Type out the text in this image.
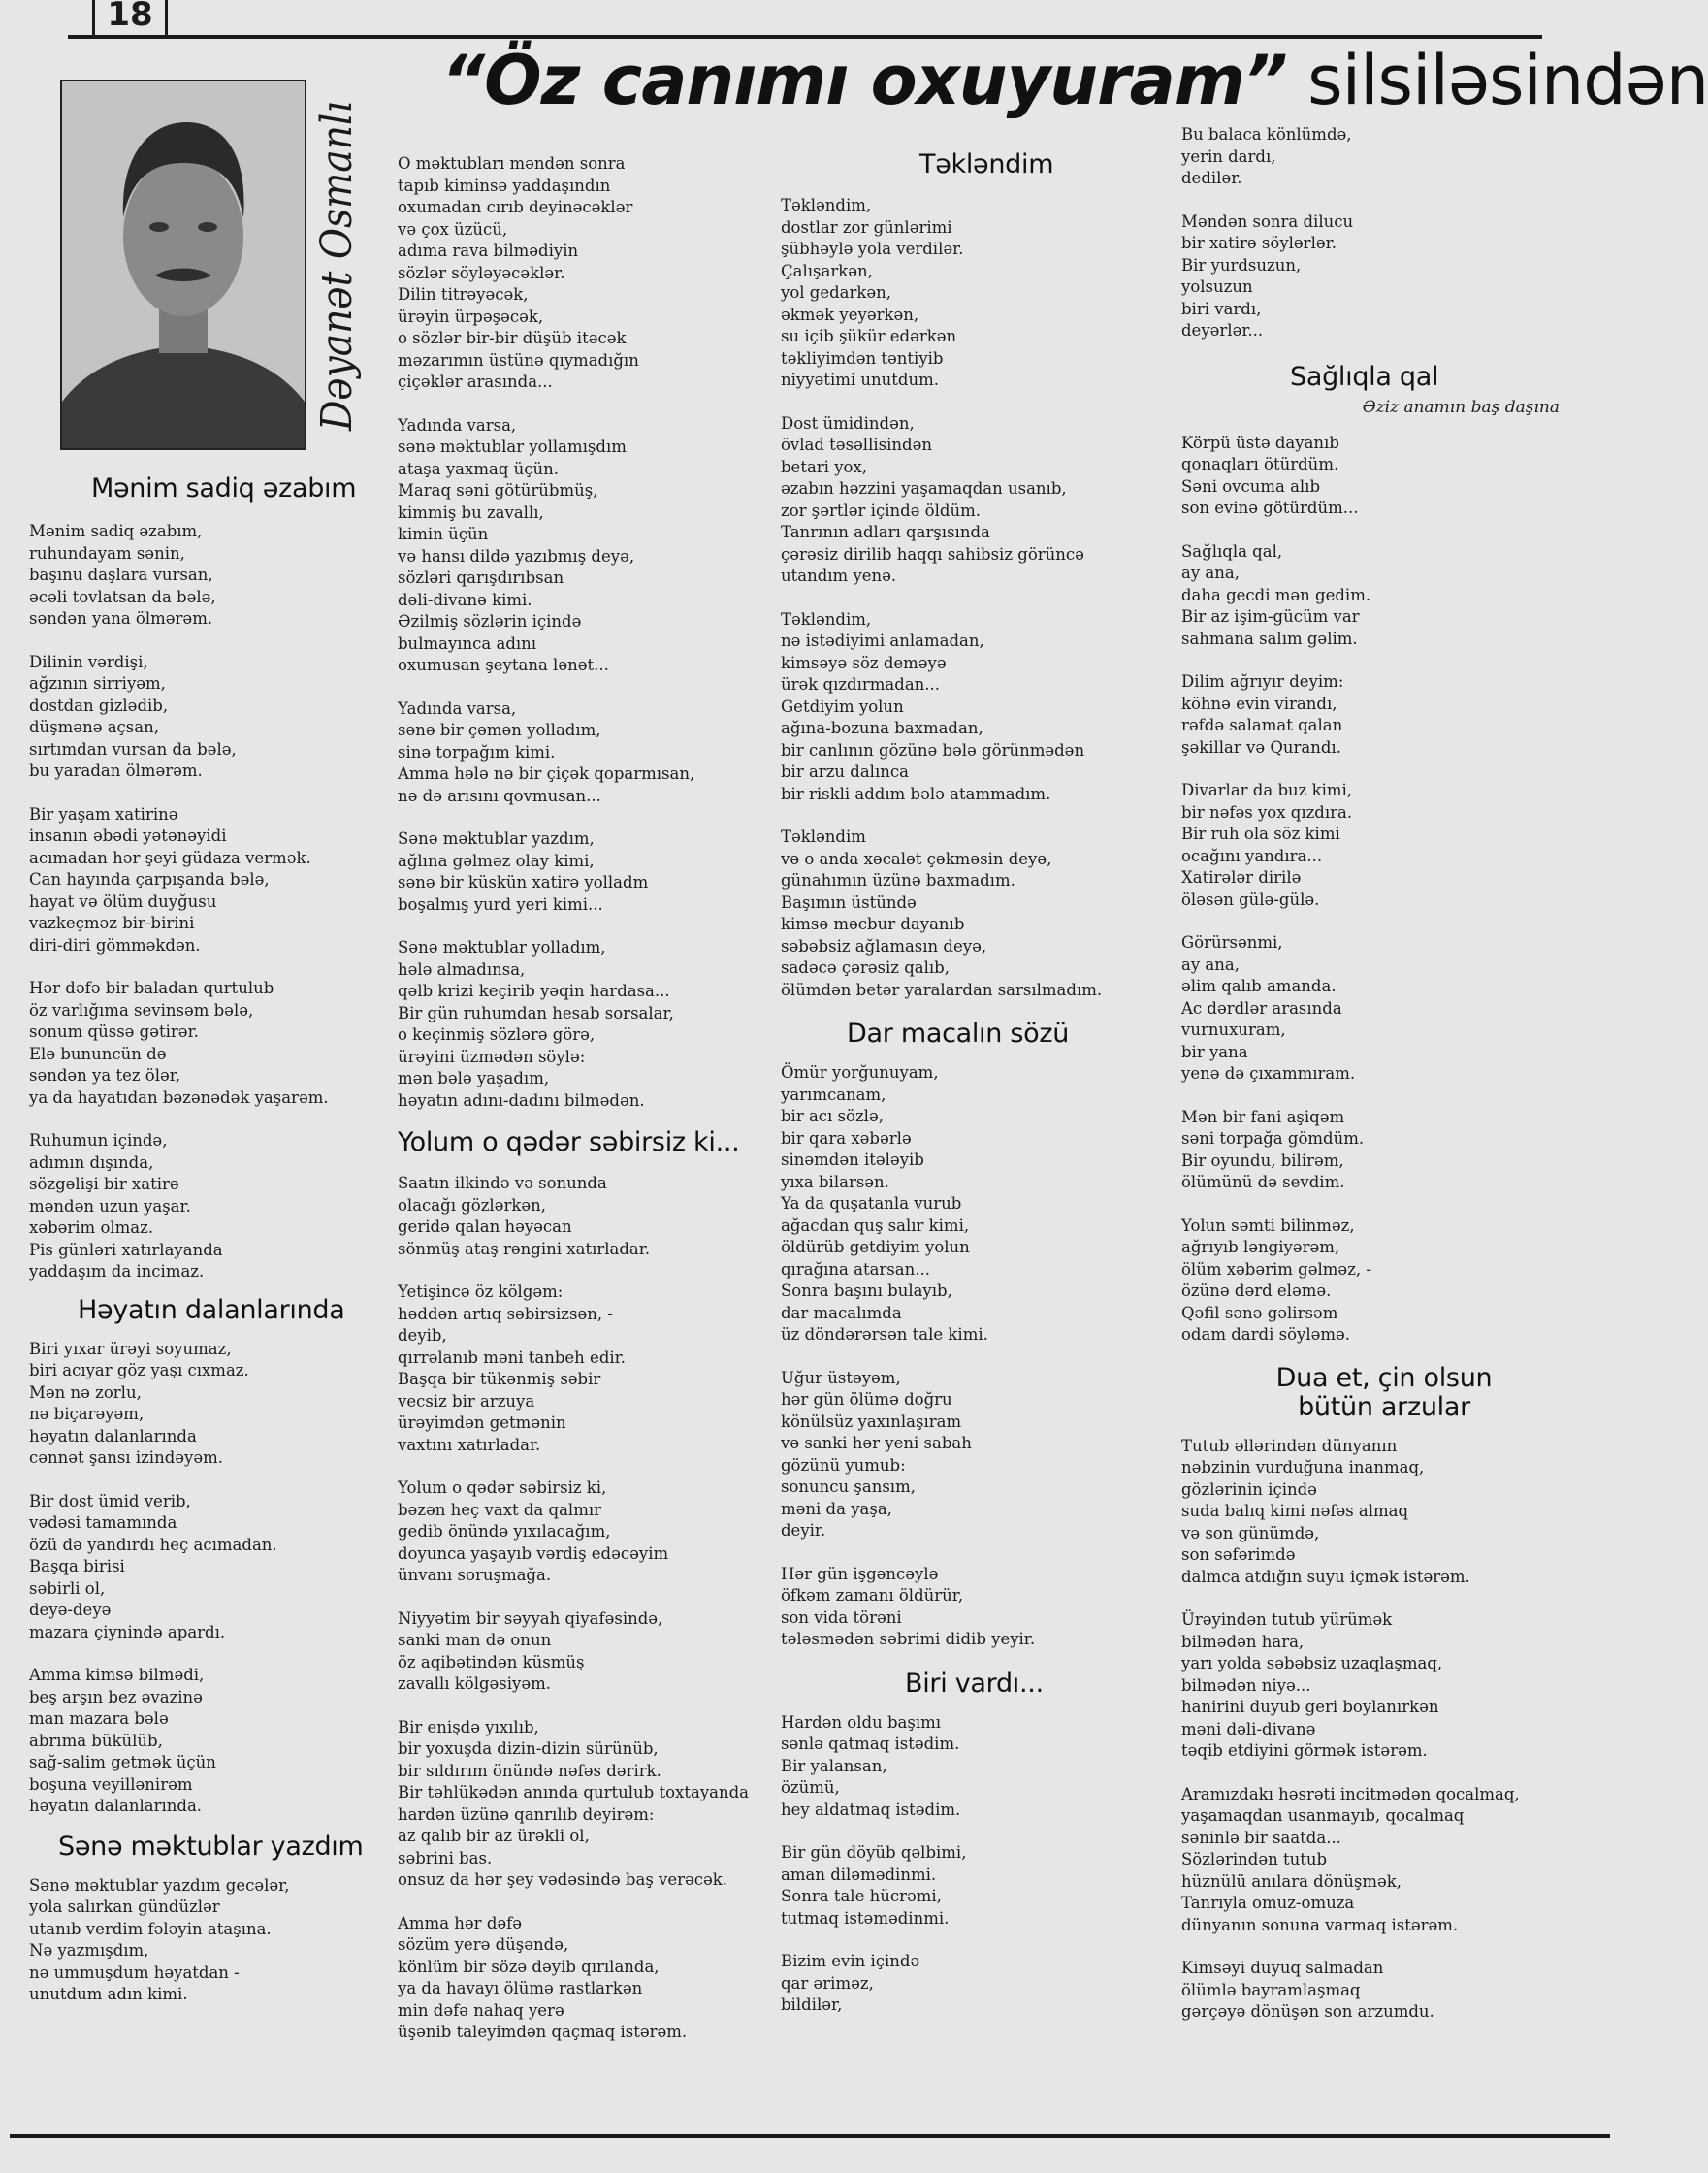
18
“Öz canımı oxuyuram” silsiləsindən
Dəyanət Osmanlı
Mənim sadiq əzabım
Mənim sadiq əzabım,
ruhundayam sənin,
başınu daşlara vursan,
əcəli tovlatsan da bələ,
səndən yana ölmərəm.
Dilinin vərdişi,
ağzının sirriyəm,
dostdan gizlədib,
düşmənə açsan,
sırtımdan vursan da bələ,
bu yaradan ölmərəm.
Bir yaşam xatirinə
insanın əbədi yətənəyidi
acımadan hər şeyi güdaza vermək.
Can hayında çarpışanda bələ,
hayat və ölüm duyğusu
vazkeçməz bir-birini
diri-diri gömməkdən.
Hər dəfə bir baladan qurtulub
öz varlığıma sevinsəm bələ,
sonum qüssə gətirər.
Elə bununcün də
səndən ya tez ölər,
ya da hayatıdan bəzənədək yaşarəm.
Ruhumun içində,
adımın dışında,
sözgəlişi bir xatirə
məndən uzun yaşar.
xəbərim olmaz.
Pis günləri xatırlayanda
yaddaşım da incimaz.
Həyatın dalanlarında
Biri yıxar ürəyi soyumaz,
biri acıyar göz yaşı cıxmaz.
Mən nə zorlu,
nə biçarəyəm,
həyatın dalanlarında
cənnət şansı izindəyəm.
Bir dost ümid verib,
vədəsi tamamında
özü də yandırdı heç acımadan.
Başqa birisi
səbirli ol,
deyə-deyə
mazara çiynində apardı.
Amma kimsə bilmədi,
beş arşın bez əvazinə
man mazara bələ
abrıma bükülüb,
sağ-salim getmək üçün
boşuna veyillənirəm
həyatın dalanlarında.
Sənə məktublar yazdım
Sənə məktublar yazdım gecələr,
yola salırkan gündüzlər
utanıb verdim fələyin ataşına.
Nə yazmışdım,
nə ummuşdum həyatdan -
unutdum adın kimi.
O məktubları məndən sonra
tapıb kiminsə yaddaşındın
oxumadan cırıb deyinəcəklər
və çox üzücü,
adıma rava bilmədiyin
sözlər söyləyəcəklər.
Dilin titrəyəcək,
ürəyin ürpəşəcək,
o sözlər bir-bir düşüb itəcək
məzarımın üstünə qıymadığın
çiçəklər arasında...
Yadında varsa,
sənə məktublar yollamışdım
ataşa yaxmaq üçün.
Maraq səni götürübmüş,
kimmiş bu zavallı,
kimin üçün
və hansı dildə yazıbmış deyə,
sözləri qarışdırıbsan
dəli-divanə kimi.
Əzilmiş sözlərin içində
bulmayınca adını
oxumusan şeytana lənət...
Yadında varsa,
sənə bir çəmən yolladım,
sinə torpağım kimi.
Amma hələ nə bir çiçək qoparmısan,
nə də arısını qovmusan...
Sənə məktublar yazdım,
ağlına gəlməz olay kimi,
sənə bir küskün xatirə yolladm
boşalmış yurd yeri kimi...
Sənə məktublar yolladım,
hələ almadınsa,
qəlb krizi keçirib yəqin hardasa...
Bir gün ruhumdan hesab sorsalar,
o keçinmiş sözlərə görə,
ürəyini üzmədən söylə:
mən bələ yaşadım,
həyatın adını-dadını bilmədən.
Yolum o qədər səbirsiz ki...
Saatın ilkində və sonunda
olacağı gözlərkən,
geridə qalan həyəcan
sönmüş ataş rəngini xatırladar.
Yetişincə öz kölgəm:
həddən artıq səbirsizsən, -
deyib,
qırrəlanıb məni tanbeh edir.
Başqa bir tükənmiş səbir
vecsiz bir arzuya
ürəyimdən getmənin
vaxtını xatırladar.
Yolum o qədər səbirsiz ki,
bəzən heç vaxt da qalmır
gedib önündə yıxılacağım,
doyunca yaşayıb vərdiş edəcəyim
ünvanı soruşmağa.
Niyyətim bir səyyah qiyafəsində,
sanki man də onun
öz aqibətindən küsmüş
zavallı kölgəsiyəm.
Bir enişdə yıxılıb,
bir yoxuşda dizin-dizin sürünüb,
bir sıldırım önündə nəfəs dərirk.
Bir təhlükədən anında qurtulub toxtayanda
hardən üzünə qanrılıb deyirəm:
az qalıb bir az ürəkli ol,
səbrini bas.
onsuz da hər şey vədəsində baş verəcək.
Amma hər dəfə
sözüm yerə düşəndə,
könlüm bir sözə dəyib qırılanda,
ya da havayı ölümə rastlarkən
min dəfə nahaq yerə
üşənib taleyimdən qaçmaq istərəm.
Təkləndim
Təkləndim,
dostlar zor günlərimi
şübhəylə yola verdilər.
Çalışarkən,
yol gedarkən,
əkmək yeyərkən,
su içib şükür edərkən
təkliyimdən təntiyib
niyyətimi unutdum.
Dost ümidindən,
övlad təsəllisindən
betari yox,
əzabın həzzini yaşamaqdan usanıb,
zor şərtlər içində öldüm.
Tanrının adları qarşısında
çərəsiz dirilib haqqı sahibsiz görüncə
utandım yenə.
Təkləndim,
nə istədiyimi anlamadan,
kimsəyə söz deməyə
ürək qızdırmadan...
Getdiyim yolun
ağına-bozuna baxmadan,
bir canlının gözünə bələ görünmədən
bir arzu dalınca
bir riskli addım bələ atammadım.
Təkləndim
və o anda xəcalət çəkməsin deyə,
günahımın üzünə baxmadım.
Başımın üstündə
kimsə məcbur dayanıb
səbəbsiz ağlamasın deyə,
sadəcə çərəsiz qalıb,
ölümdən betər yaralardan sarsılmadım.
Dar macalın sözü
Ömür yorğunuyam,
yarımcanam,
bir acı sözlə,
bir qara xəbərlə
sinəmdən itələyib
yıxa bilarsən.
Ya da quşatanla vurub
ağacdan quş salır kimi,
öldürüb getdiyim yolun
qırağına atarsan...
Sonra başını bulayıb,
dar macalımda
üz döndərərsən tale kimi.
Uğur üstəyəm,
hər gün ölümə doğru
könülsüz yaxınlaşıram
və sanki hər yeni sabah
gözünü yumub:
sonuncu şansım,
məni da yaşa,
deyir.
Hər gün işgəncəylə
öfkəm zamanı öldürür,
son vida törəni
tələsmədən səbrimi didib yeyir.
Biri vardı...
Hardən oldu başımı
sənlə qatmaq istədim.
Bir yalansan,
özümü,
hey aldatmaq istədim.
Bir gün döyüb qəlbimi,
aman diləmədinmi.
Sonra tale hücrəmi,
tutmaq istəmədinmi.
Bizim evin içində
qar əriməz,
bildilər,
Bu balaca könlümdə,
yerin dardı,
dedilər.
Məndən sonra dilucu
bir xatirə söylərlər.
Bir yurdsuzun,
yolsuzun
biri vardı,
deyərlər...
Sağlıqla qal
Əziz anamın baş daşına
Körpü üstə dayanıb
qonaqları ötürdüm.
Səni ovcuma alıb
son evinə götürdüm...
Sağlıqla qal,
ay ana,
daha gecdi mən gedim.
Bir az işim-gücüm var
sahmana salım gəlim.
Dilim ağrıyır deyim:
köhnə evin virandı,
rəfdə salamat qalan
şəkillar və Qurandı.
Divarlar da buz kimi,
bir nəfəs yox qızdıra.
Bir ruh ola söz kimi
ocağını yandıra...
Xatirələr dirilə
öləsən gülə-gülə.
Görürsənmi,
ay ana,
əlim qalıb amanda.
Ac dərdlər arasında
vurnuxuram,
bir yana
yenə də çıxammıram.
Mən bir fani aşiqəm
səni torpağa gömdüm.
Bir oyundu, bilirəm,
ölümünü də sevdim.
Yolun səmti bilinməz,
ağrıyıb ləngiyərəm,
ölüm xəbərim gəlməz, -
özünə dərd eləmə.
Qəfil sənə gəlirsəm
odam dardi söyləmə.
Dua et, çin olsun bütün arzular
Tutub əllərindən dünyanın
nəbzinin vurduğuna inanmaq,
gözlərinin içində
suda balıq kimi nəfəs almaq
və son günümdə,
son səfərimdə
dalmca atdığın suyu içmək istərəm.
Ürəyindən tutub yürümək
bilmədən hara,
yarı yolda səbəbsiz uzaqlaşmaq,
bilmədən niyə...
hanirini duyub geri boylanırkən
məni dəli-divanə
təqib etdiyini görmək istərəm.
Aramızdakı həsrəti incitmədən qocalmaq,
yaşamaqdan usanmayıb, qocalmaq
səninlə bir saatda...
Sözlərindən tutub
hüznülü anılara dönüşmək,
Tanrıyla omuz-omuza
dünyanın sonuna varmaq istərəm.
Kimsəyi duyuq salmadan
ölümlə bayramlaşmaq
gərçəyə dönüşən son arzumdu.
